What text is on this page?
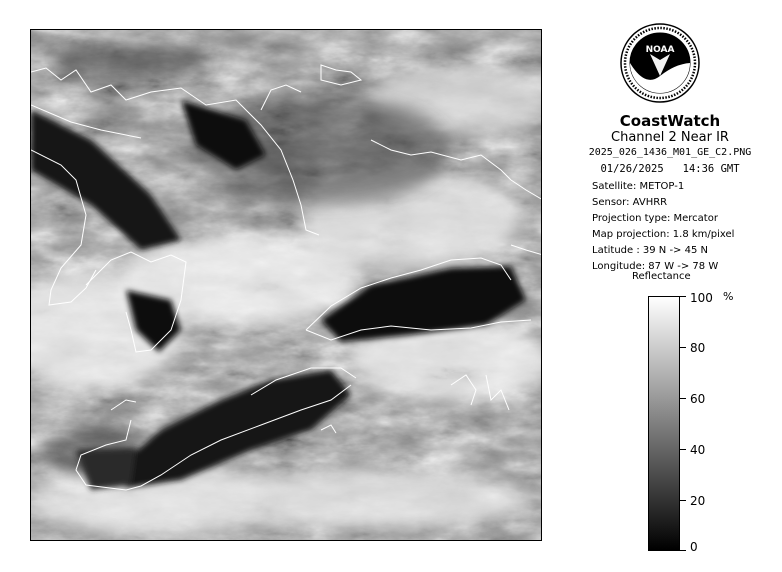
NOAA
CoastWatch
Channel 2 Near IR
2025_026_1436_M01_GE_C2.PNG
01/26/2025 14:36 GMT
Satellite: METOP-1
Sensor: AVHRR
Projection type: Mercator
Map projection: 1.8 km/pixel
Latitude : 39 N -> 45 N
Longitude: 87 W -> 78 W
Reflectance
%
100
80
60
40
20
0
